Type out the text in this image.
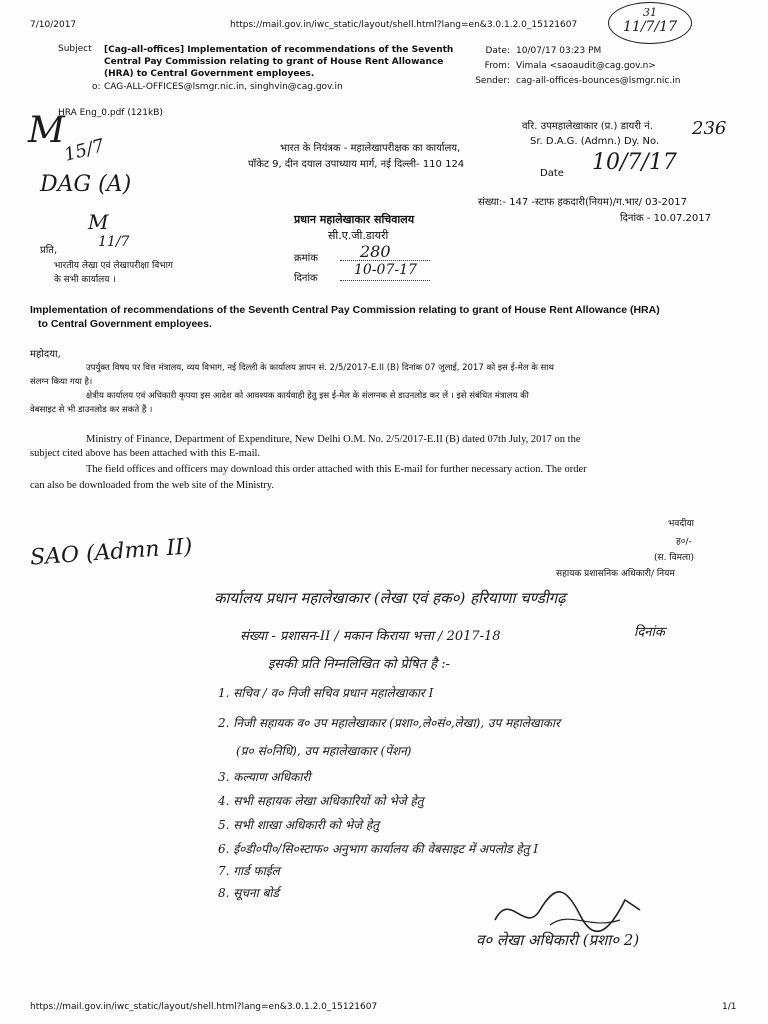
7/10/2017	https://mail.gov.in/iwc_static/layout/shell.html?lang=en&3.0.1.2.0_15121607
31
11/7/17
Subject [Cag-all-offices] Implementation of recommendations of the Seventh
Central Pay Commission relating to grant of House Rent Allowance
(HRA) to Central Government employees.
o: CAG-ALL-OFFICES@lsmgr.nic.in, singhvin@cag.gov.in
Date: 10/07/17 03:23 PM
From: Vimala <saoaudit@cag.gov.n>
Sender: cag-all-offices-bounces@lsmgr.nic.in
HRA Eng_0.pdf (121kB)
M
15/7
DAG (A)
M
11/7
भारत के नियंत्रक - महालेखापरीक्षक का कार्यालय,
पॉकेट 9, दीन दयाल उपाध्याय मार्ग, नई दिल्ली- 110 124
वरि. उपमहालेखाकार (प्र.) डायरी नं. 236
Sr. D.A.G. (Admn.) Dy. No.
Date 10/7/17
संख्या:- 147 -स्टाफ हकदारी(नियम)/ग.भार/ 03-2017
दिनांक - 10.07.2017
प्रधान महालेखाकार सचिवालय
सी.ए.जी.डायरी
क्रमांक	280
दिनांक
10-07-17
प्रति,
भारतीय लेखा एवं लेखापरीक्षा विभाग
के सभी कार्यालय ।
Implementation of recommendations of the Seventh Central Pay Commission relating to grant of House Rent Allowance (HRA)
to Central Government employees.
महोदया,
उपर्युक्त विषय पर वित्त मंत्रालय, व्यय विभाग, नई दिल्ली के कार्यालय ज्ञापन सं. 2/5/2017-E.II (B) दिनांक 07 जुलाई, 2017 को इस ई-मेल के साथ
संलग्न किया गया है।
क्षेत्रीय कार्यालय एवं अधिकारी कृपया इस आदेश को आवश्यक कार्यवाही हेतु इस ई-मेल के संलग्नक से डाउनलोड कर लें । इसे संबंधित मंत्रालय की
वेबसाइट से भी डाउनलोड कर सकते हैं ।
Ministry of Finance, Department of Expenditure, New Delhi O.M. No. 2/5/2017-E.II (B) dated 07th July, 2017 on the
subject cited above has been attached with this E-mail.
The field offices and officers may download this order attached with this E-mail for further necessary action. The order
can also be downloaded from the web site of the Ministry.
भवदीया
ह०/-
(स. विमला)
सहायक प्रशासनिक अधिकारी/ नियम
SAO (Admn II)
कार्यालय प्रधान महालेखाकार (लेखा एवं हक०) हरियाणा चण्डीगढ़
संख्या - प्रशासन-II / मकान किराया भत्ता / 2017-18	दिनांक
इसकी प्रति निम्नलिखित को प्रेषित है :-
1. सचिव / व० निजी सचिव प्रधान महालेखाकार I
2. निजी सहायक व० उप महालेखाकार (प्रशा०,ले०सं०,लेखा), उप महालेखाकार
(प्र० सं०निधि), उप महालेखाकार (पेंशन)
3. कल्याण अधिकारी
4. सभी सहायक लेखा अधिकारियों को भेजे हेतु
5. सभी शाखा अधिकारी को भेजे हेतु
6. ई०डी०पी०/सि०स्टाफ० अनुभाग कार्यालय की वेबसाइट में अपलोड हेतु I
7. गार्ड फाईल
8. सूचना बोर्ड
व० लेखा अधिकारी (प्रशा० 2)
https://mail.gov.in/iwc_static/layout/shell.html?lang=en&3.0.1.2.0_15121607	1/1
